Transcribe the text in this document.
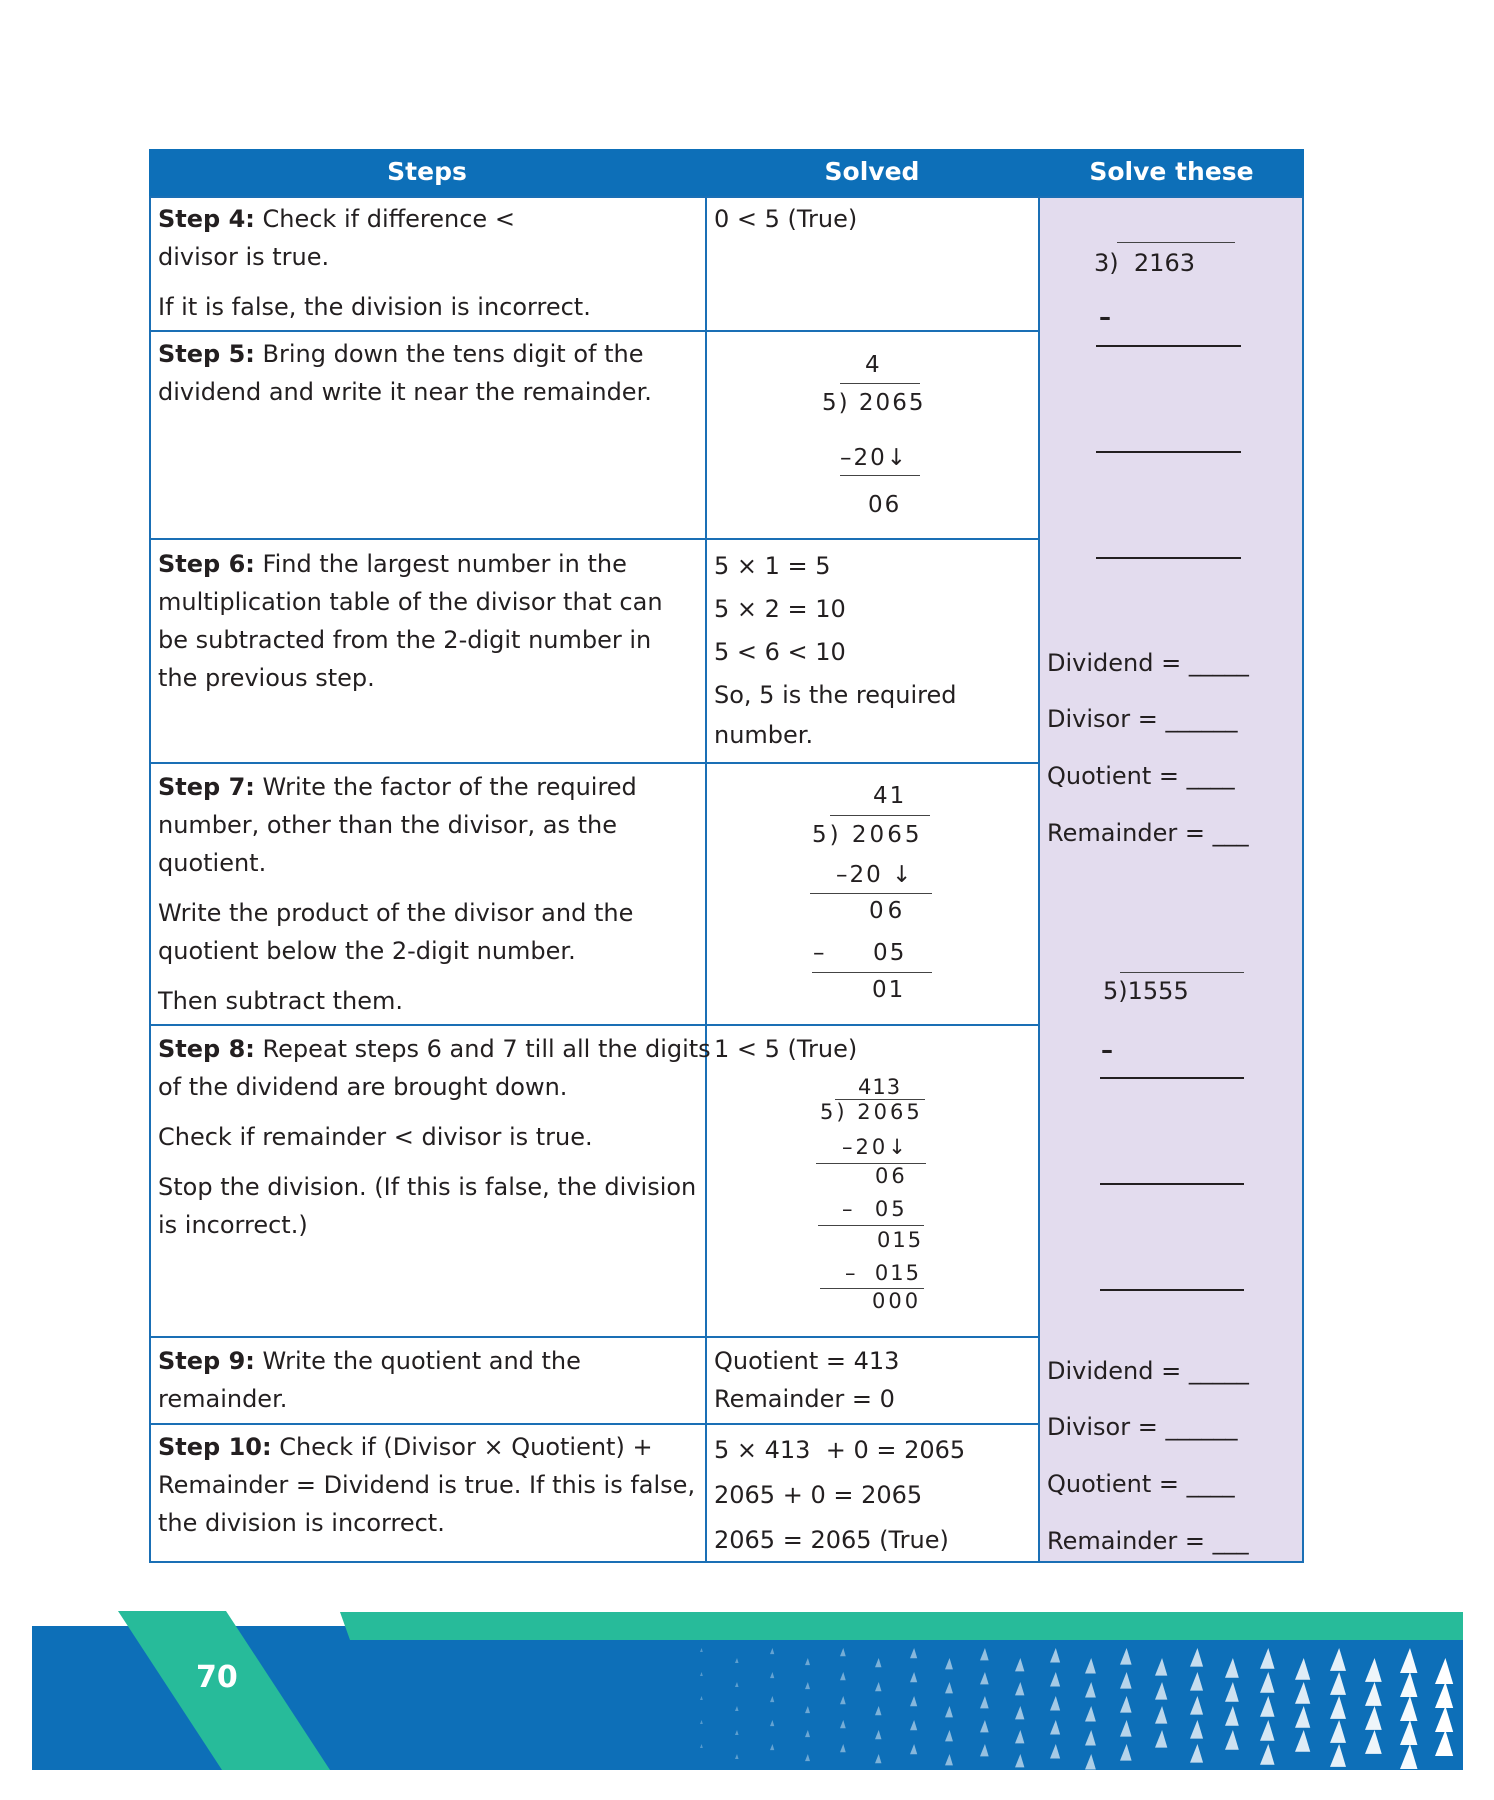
Steps	Solved	Solve these
Step 4: Check if difference <
divisor is true.
If it is false, the division is incorrect.
0 < 5 (True)
Step 5: Bring down the tens digit of the
dividend and write it near the remainder.
4
5) 2065
–20↓
06
Step 6: Find the largest number in the
multiplication table of the divisor that can
be subtracted from the 2-digit number in
the previous step.
5 × 1 = 5
5 × 2 = 10
5 < 6 < 10
So, 5 is the required
number.
Step 7: Write the factor of the required
number, other than the divisor, as the
quotient.
Write the product of the divisor and the
quotient below the 2-digit number.
Then subtract them.
41
5) 2065
–20 ↓
06
–     05
01
Step 8: Repeat steps 6 and 7 till all the digits
of the dividend are brought down.
Check if remainder < divisor is true.
Stop the division. (If this is false, the division
is incorrect.)
1 < 5 (True)
413
5) 2065
–20↓
06
–  05
015
–  015
000
Step 9: Write the quotient and the
remainder.
Quotient = 413
Remainder = 0
Step 10: Check if (Divisor × Quotient) +
Remainder = Dividend is true. If this is false,
the division is incorrect.
5 × 413  + 0 = 2065
2065 + 0 = 2065
2065 = 2065 (True)
3) 2163
–
Dividend = _____
Divisor = ______
Quotient = ____
Remainder = ___
5)1555
–
Dividend = _____
Divisor = ______
Quotient = ____
Remainder = ___
70
